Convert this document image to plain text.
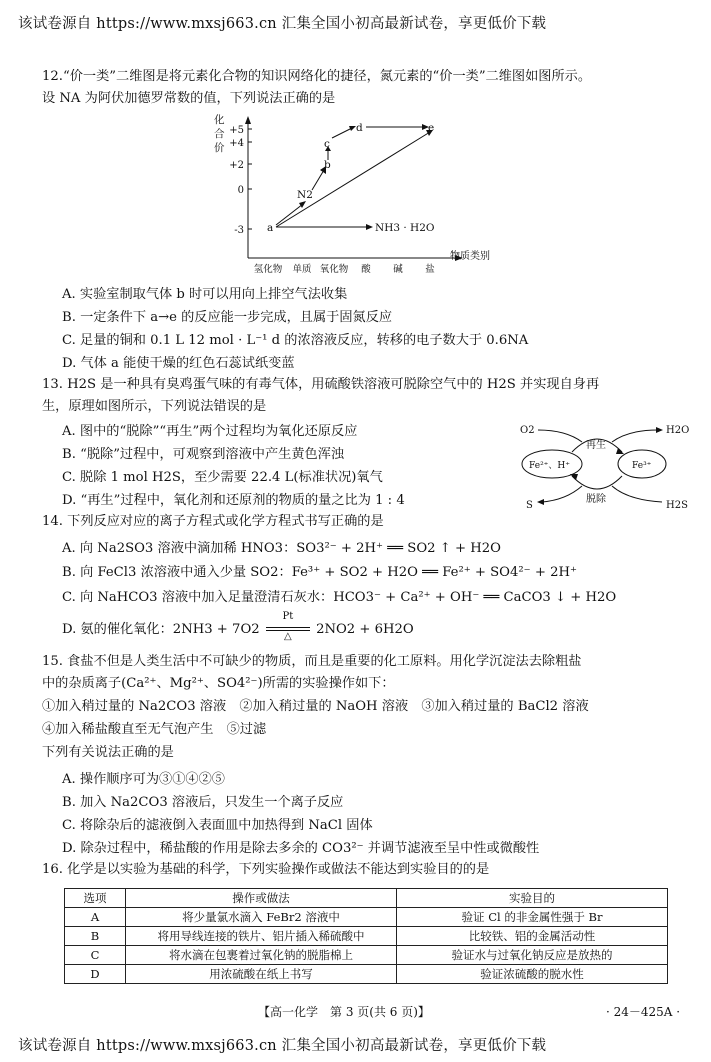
该试卷源自 https://www.mxsj663.cn 汇集全国小初高最新试卷，享更低价下载
12.“价一类”二维图是将元素化合物的知识网络化的捷径，氮元素的“价一类”二维图如图所示。
设 NA 为阿伏加德罗常数的值，下列说法正确的是
化
合
价
+5
+4
+2
0
-3
氢化物 单质 氧化物 酸 碱 盐
物质类别
a
N2
b
c
d	e
NH3 · H2O
A. 实验室制取气体 b 时可以用向上排空气法收集
B. 一定条件下 a→e 的反应能一步完成，且属于固氮反应
C. 足量的铜和 0.1 L 12 mol · L⁻¹ d 的浓溶液反应，转移的电子数大于 0.6NA
D. 气体 a 能使干燥的红色石蕊试纸变蓝
13. H2S 是一种具有臭鸡蛋气味的有毒气体，用硫酸铁溶液可脱除空气中的 H2S 并实现自身再
生，原理如图所示，下列说法错误的是
A. 图中的“脱除”“再生”两个过程均为氧化还原反应
B. “脱除”过程中，可观察到溶液中产生黄色浑浊
C. 脱除 1 mol H2S，至少需要 22.4 L(标准状况)氧气
D. “再生”过程中，氧化剂和还原剂的物质的量之比为 1 : 4
O2	H2O
再生
Fe²⁺、H⁺	Fe³⁺
S
脱除
H2S
14. 下列反应对应的离子方程式或化学方程式书写正确的是
A. 向 Na2SO3 溶液中滴加稀 HNO3：SO3²⁻ + 2H⁺ ══ SO2 ↑ + H2O
B. 向 FeCl3 浓溶液中通入少量 SO2：Fe³⁺ + SO2 + H2O ══ Fe²⁺ + SO4²⁻ + 2H⁺
C. 向 NaHCO3 溶液中加入足量澄清石灰水：HCO3⁻ + Ca²⁺ + OH⁻ ══ CaCO3 ↓ + H2O
D. 氨的催化氧化：2NH3 + 7O2
Pt
△	2NO2 + 6H2O
15. 食盐不但是人类生活中不可缺少的物质，而且是重要的化工原料。用化学沉淀法去除粗盐
中的杂质离子(Ca²⁺、Mg²⁺、SO4²⁻)所需的实验操作如下：
①加入稍过量的 Na2CO3 溶液　②加入稍过量的 NaOH 溶液　③加入稍过量的 BaCl2 溶液
④加入稀盐酸直至无气泡产生　⑤过滤
下列有关说法正确的是
A. 操作顺序可为③①④②⑤
B. 加入 Na2CO3 溶液后，只发生一个离子反应
C. 将除杂后的滤液倒入表面皿中加热得到 NaCl 固体
D. 除杂过程中，稀盐酸的作用是除去多余的 CO3²⁻ 并调节滤液至呈中性或微酸性
16. 化学是以实验为基础的科学，下列实验操作或做法不能达到实验目的的是
选项	操作或做法	实验目的
A	将少量氯水滴入 FeBr2 溶液中	验证 Cl 的非金属性强于 Br
B	将用导线连接的铁片、铝片插入稀硫酸中	比较铁、铝的金属活动性
C	将水滴在包裹着过氧化钠的脱脂棉上	验证水与过氧化钠反应是放热的
D	用浓硫酸在纸上书写	验证浓硫酸的脱水性
【高一化学　第 3 页(共 6 页)】	· 24－425A ·
该试卷源自 https://www.mxsj663.cn 汇集全国小初高最新试卷，享更低价下载
